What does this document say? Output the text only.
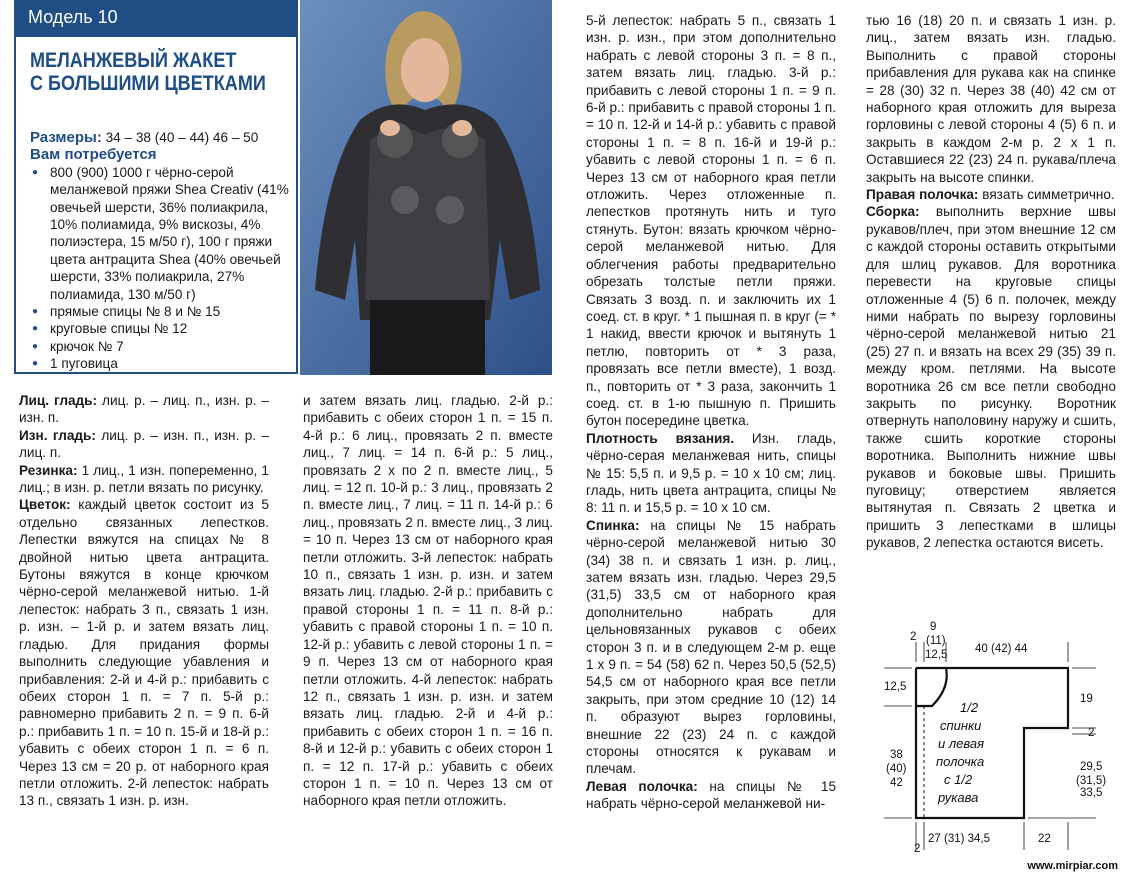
Модель 10
МЕЛАНЖЕВЫЙ ЖАКЕТ
С БОЛЬШИМИ ЦВЕТКАМИ
Размеры: 34 – 38 (40 – 44) 46 – 50
Вам потребуется
● 800 (900) 1000 г чёрно-серой меланжевой пряжи Shea Creativ (41% овечьей шерсти, 36% полиакрила, 10% полиамида, 9% вискозы, 4% полиэстера, 15 м/50 г), 100 г пряжи цвета антрацита Shea (40% овечьей шерсти, 33% полиакрила, 27% полиамида, 130 м/50 г)
● прямые спицы № 8 и № 15
● круговые спицы № 12
● крючок № 7
● 1 пуговица

Лиц. гладь: лиц. р. – лиц. п., изн. р. – изн. п.

Изн. гладь: лиц. р. – изн. п., изн. р. – лиц. п.

Резинка: 1 лиц., 1 изн. попеременно, 1 лиц.; в изн. р. петли вязать по рисунку.

Цветок: каждый цветок состоит из 5 отдельно связанных лепестков. Лепестки вяжутся на спицах № 8 двойной нитью цвета антрацита. Бутоны вяжутся в конце крючком чёрно-серой меланжевой нитью. 1-й лепесток: набрать 3 п., связать 1 изн. р. изн. – 1-й р. и затем вязать лиц. гладью. Для придания формы выполнить следующие убавления и прибавления: 2-й и 4-й р.: прибавить с обеих сторон 1 п. = 7 п. 5-й р.: равномерно прибавить 2 п. = 9 п. 6-й р.: прибавить 1 п. = 10 п. 15-й и 18-й р.: убавить с обеих сторон 1 п. = 6 п. Через 13 см = 20 р. от наборного края петли отложить. 2-й лепесток: набрать 13 п., связать 1 изн. р. изн.

и затем вязать лиц. гладью. 2-й р.: прибавить с обеих сторон 1 п. = 15 п. 4-й р.: 6 лиц., провязать 2 п. вместе лиц., 7 лиц. = 14 п. 6-й р.: 5 лиц., провязать 2 х по 2 п. вместе лиц., 5 лиц. = 12 п. 10-й р.: 3 лиц., провязать 2 п. вместе лиц., 7 лиц. = 11 п. 14-й р.: 6 лиц., провязать 2 п. вместе лиц., 3 лиц. = 10 п. Через 13 см от наборного края петли отложить. 3-й лепесток: набрать 10 п., связать 1 изн. р. изн. и затем вязать лиц. гладью. 2-й р.: прибавить с правой стороны 1 п. = 11 п. 8-й р.: убавить с правой стороны 1 п. = 10 п. 12-й р.: убавить с левой стороны 1 п. = 9 п. Через 13 см от наборного края петли отложить. 4-й лепесток: набрать 12 п., связать 1 изн. р. изн. и затем вязать лиц. гладью. 2-й и 4-й р.: прибавить с обеих сторон 1 п. = 16 п. 8-й и 12-й р.: убавить с обеих сторон 1 п. = 12 п. 17-й р.: убавить с обеих сторон 1 п. = 10 п. Через 13 см от наборного края петли отложить.

5-й лепесток: набрать 5 п., связать 1 изн. р. изн., при этом дополнительно набрать с левой стороны 3 п. = 8 п., затем вязать лиц. гладью. 3-й р.: прибавить с левой стороны 1 п. = 9 п. 6-й р.: прибавить с правой стороны 1 п. = 10 п. 12-й и 14-й р.: убавить с правой стороны 1 п. = 8 п. 16-й и 19-й р.: убавить с левой стороны 1 п. = 6 п. Через 13 см от наборного края петли отложить. Через отложенные п. лепестков протянуть нить и туго стянуть. Бутон: вязать крючком чёрно-серой меланжевой нитью. Для облегчения работы предварительно обрезать толстые петли пряжи. Связать 3 возд. п. и заключить их 1 соед. ст. в круг. * 1 пышная п. в круг (= * 1 накид, ввести крючок и вытянуть 1 петлю, повторить от * 3 раза, провязать все петли вместе), 1 возд. п., повторить от * 3 раза, закончить 1 соед. ст. в 1-ю пышную п. Пришить бутон посередине цветка.

Плотность вязания. Изн. гладь, чёрно-серая меланжевая нить, спицы № 15: 5,5 п. и 9,5 р. = 10 х 10 см; лиц. гладь, нить цвета антрацита, спицы № 8: 11 п. и 15,5 р. = 10 х 10 см.

Спинка: на спицы № 15 набрать чёрно-серой меланжевой нитью 30 (34) 38 п. и связать 1 изн. р. лиц., затем вязать изн. гладью. Через 29,5 (31,5) 33,5 см от наборного края дополнительно набрать для цельновязанных рукавов с обеих сторон 3 п. и в следующем 2-м р. еще 1 х 9 п. = 54 (58) 62 п. Через 50,5 (52,5) 54,5 см от наборного края все петли закрыть, при этом средние 10 (12) 14 п. образуют вырез горловины, внешние 22 (23) 24 п. с каждой стороны относятся к рукавам и плечам.

Левая полочка: на спицы № 15 набрать чёрно-серой меланжевой ни-

тью 16 (18) 20 п. и связать 1 изн. р. лиц., затем вязать изн. гладью. Выполнить с правой стороны прибавления для рукава как на спинке = 28 (30) 32 п. Через 38 (40) 42 см от наборного края отложить для выреза горловины с левой стороны 4 (5) 6 п. и закрыть в каждом 2-м р. 2 х 1 п. Оставшиеся 22 (23) 24 п. рукава/плеча закрыть на высоте спинки.

Правая полочка: вязать симметрично.

Сборка: выполнить верхние швы рукавов/плеч, при этом внешние 12 см с каждой стороны оставить открытыми для шлиц рукавов. Для воротника перевести на круговые спицы отложенные 4 (5) 6 п. полочек, между ними набрать по вырезу горловины чёрно-серой меланжевой нитью 21 (25) 27 п. и вязать на всех 29 (35) 39 п. между кром. петлями. На высоте воротника 26 см все петли свободно закрыть по рисунку. Воротник отвернуть наполовину наружу и сшить, также сшить короткие стороны воротника. Выполнить нижние швы рукавов и боковые швы. Пришить пуговицу; отверстием является вытянутая п. Связать 2 цветка и пришить 3 лепестками в шлицы рукавов, 2 лепестка остаются висеть.

2
9
(11)
12,5 40 (42) 44
12,5
19
2
38
(40)
42
29,5
(31,5)
33,5
1/2
спинки
и левая
полочка
с 1/2
рукава
2
27 (31) 34,5	22
www.mirpiar.com
